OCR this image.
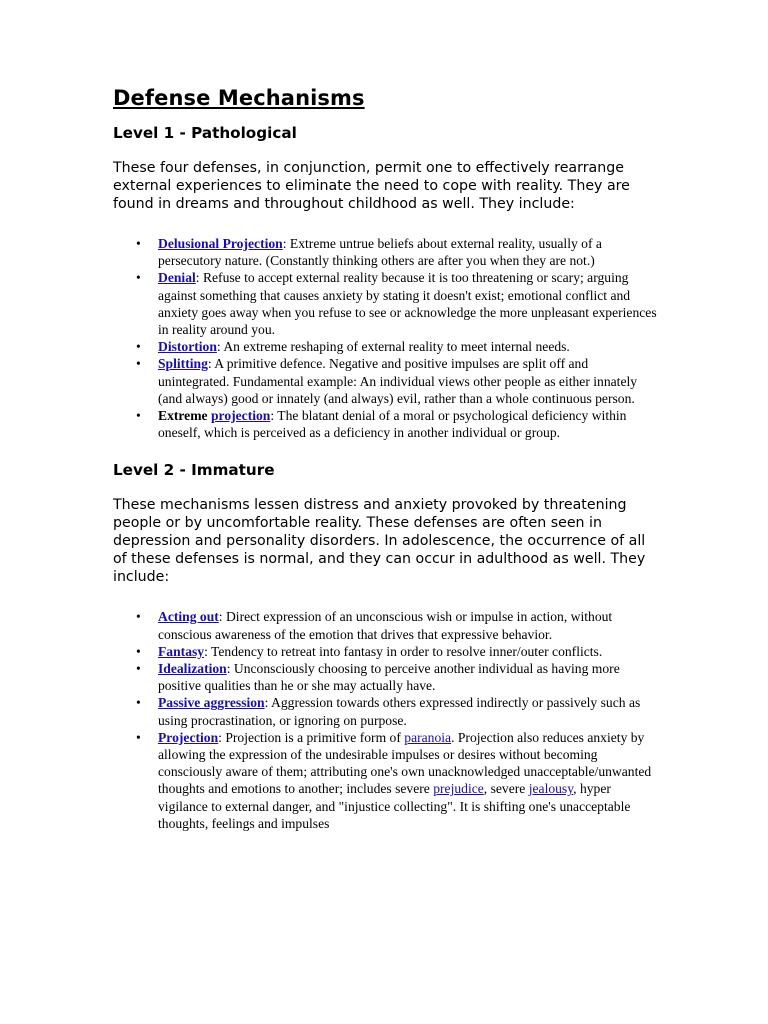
Defense Mechanisms
Level 1 - Pathological

These four defenses, in conjunction, permit one to effectively rearrange external experiences to eliminate the need to cope with reality. They are found in dreams and throughout childhood as well. They include:

• Delusional Projection: Extreme untrue beliefs about external reality, usually of a persecutory nature. (Constantly thinking others are after you when they are not.)
• Denial: Refuse to accept external reality because it is too threatening or scary; arguing against something that causes anxiety by stating it doesn't exist; emotional conflict and anxiety goes away when you refuse to see or acknowledge the more unpleasant experiences in reality around you.
• Distortion: An extreme reshaping of external reality to meet internal needs.
• Splitting: A primitive defence. Negative and positive impulses are split off and unintegrated. Fundamental example: An individual views other people as either innately (and always) good or innately (and always) evil, rather than a whole continuous person.
• Extreme projection: The blatant denial of a moral or psychological deficiency within oneself, which is perceived as a deficiency in another individual or group.
Level 2 - Immature

These mechanisms lessen distress and anxiety provoked by threatening people or by uncomfortable reality. These defenses are often seen in depression and personality disorders. In adolescence, the occurrence of all of these defenses is normal, and they can occur in adulthood as well. They include:

• Acting out: Direct expression of an unconscious wish or impulse in action, without conscious awareness of the emotion that drives that expressive behavior.
• Fantasy: Tendency to retreat into fantasy in order to resolve inner/outer conflicts.
• Idealization: Unconsciously choosing to perceive another individual as having more positive qualities than he or she may actually have.
• Passive aggression: Aggression towards others expressed indirectly or passively such as using procrastination, or ignoring on purpose.
• Projection: Projection is a primitive form of paranoia. Projection also reduces anxiety by allowing the expression of the undesirable impulses or desires without becoming consciously aware of them; attributing one's own unacknowledged unacceptable/unwanted thoughts and emotions to another; includes severe prejudice, severe jealousy, hyper vigilance to external danger, and "injustice collecting". It is shifting one's unacceptable thoughts, feelings and impulses
